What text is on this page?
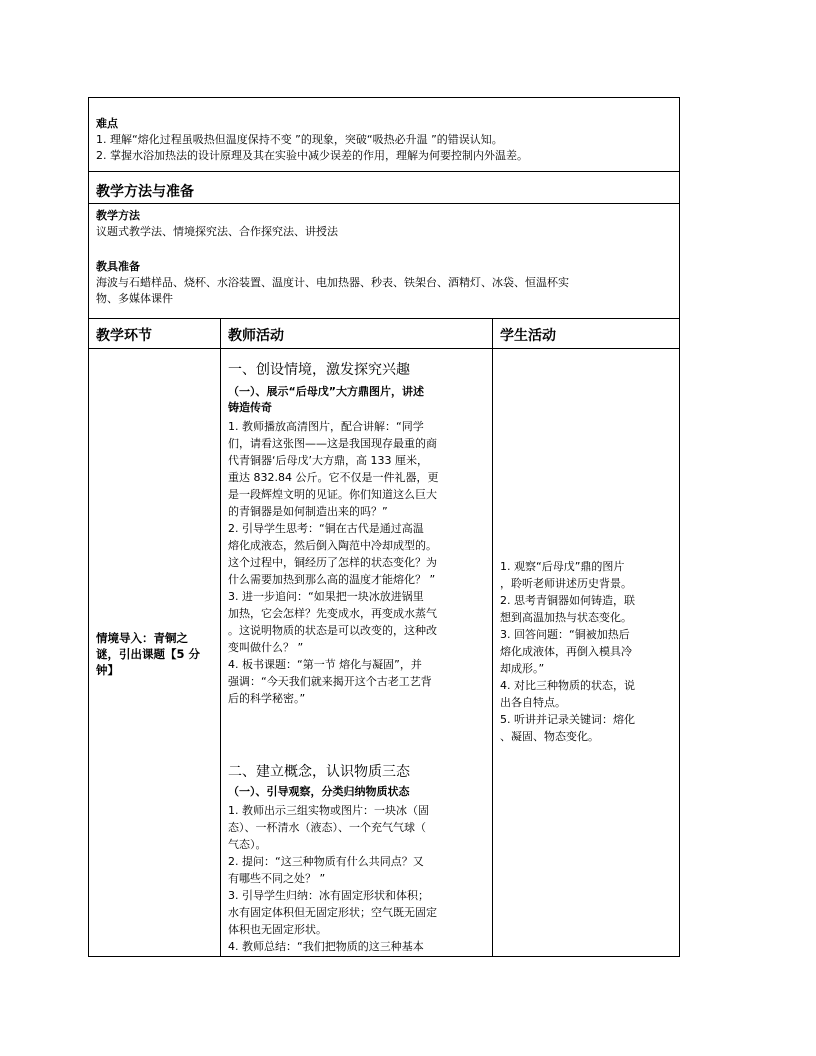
难点
1. 理解“熔化过程虽吸热但温度保持不变 ”的现象，突破“吸热必升温 ”的错误认知。
2. 掌握水浴加热法的设计原理及其在实验中减少误差的作用，理解为何要控制内外温差。
教学方法与准备
教学方法
议题式教学法、情境探究法、合作探究法、讲授法
教具准备
海波与石蜡样品、烧杯、水浴装置、温度计、电加热器、秒表、铁架台、酒精灯、冰袋、恒温杯实
物、多媒体课件
教学环节	教师活动	学生活动
情境导入：青铜之
谜，引出课题【5 分
钟】
一、创设情境，激发探究兴趣
（一）、展示“后母戊”大方鼎图片，讲述
铸造传奇
1. 教师播放高清图片，配合讲解：“同学
们，请看这张图——这是我国现存最重的商
代青铜器‘后母戊’大方鼎，高 133 厘米，
重达 832.84 公斤。它不仅是一件礼器，更
是一段辉煌文明的见证。你们知道这么巨大
的青铜器是如何制造出来的吗？”
2. 引导学生思考：“铜在古代是通过高温
熔化成液态，然后倒入陶范中冷却成型的。
这个过程中，铜经历了怎样的状态变化？为
什么需要加热到那么高的温度才能熔化？ ”
3. 进一步追问：“如果把一块冰放进锅里
加热，它会怎样？先变成水，再变成水蒸气
。这说明物质的状态是可以改变的，这种改
变叫做什么？ ”
4. 板书课题：“第一节 熔化与凝固”，并
强调：“今天我们就来揭开这个古老工艺背
后的科学秘密。”
二、建立概念，认识物质三态
（一）、引导观察，分类归纳物质状态
1. 教师出示三组实物或图片：一块冰（固
态）、一杯清水（液态）、一个充气气球（
气态）。
2. 提问：“这三种物质有什么共同点？又
有哪些不同之处？ ”
3. 引导学生归纳：冰有固定形状和体积；
水有固定体积但无固定形状；空气既无固定
体积也无固定形状。
4. 教师总结：“我们把物质的这三种基本
1. 观察“后母戊”鼎的图片
，聆听老师讲述历史背景。
2. 思考青铜器如何铸造，联
想到高温加热与状态变化。
3. 回答问题：“铜被加热后
熔化成液体，再倒入模具冷
却成形。”
4. 对比三种物质的状态，说
出各自特点。
5. 听讲并记录关键词：熔化
、凝固、物态变化。
